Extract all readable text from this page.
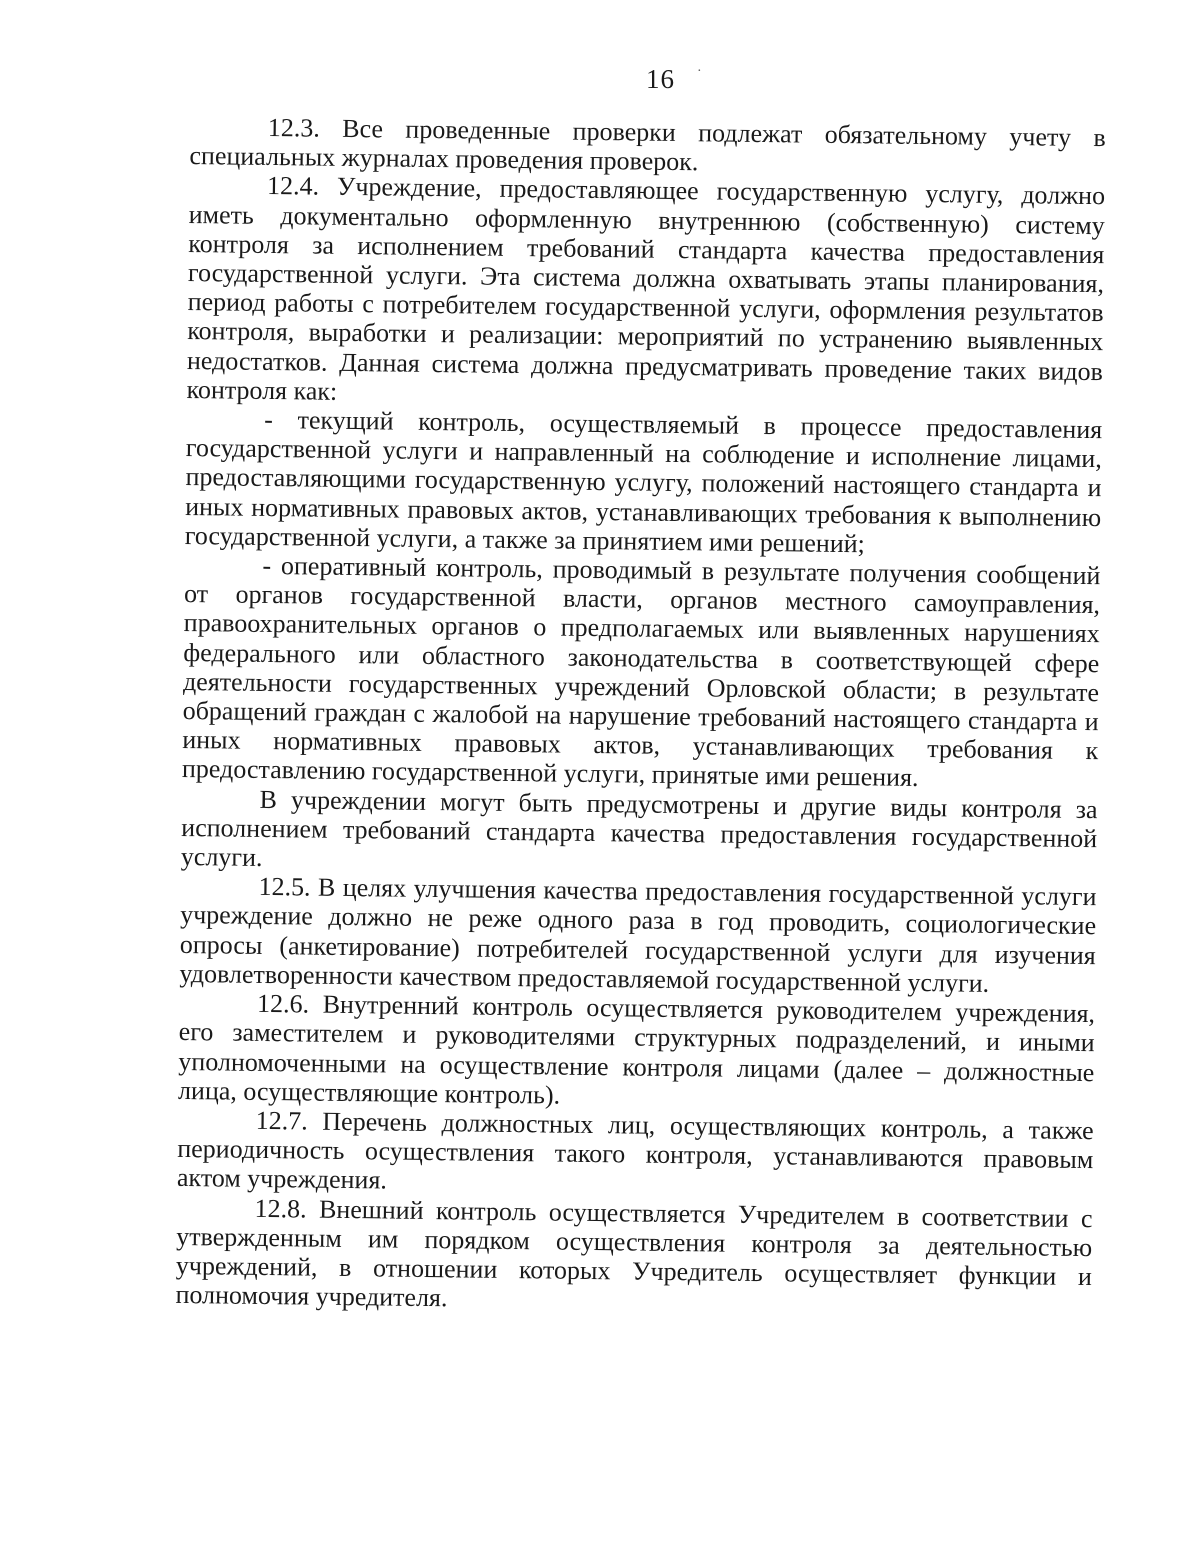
16 ·

12.3. Все проведенные проверки подлежат обязательному учету в специальных журналах проведения проверок.

12.4. Учреждение, предоставляющее государственную услугу, должно иметь документально оформленную внутреннюю (собственную) систему контроля за исполнением требований стандарта качества предоставления государственной услуги. Эта система должна охватывать этапы планирования, период работы с потребителем государственной услуги, оформления результатов контроля, выработки и реализации: мероприятий по устранению выявленных недостатков. Данная система должна предусматривать проведение таких видов контроля как:

- текущий контроль, осуществляемый в процессе предоставления государственной услуги и направленный на соблюдение и исполнение лицами, предоставляющими государственную услугу, положений настоящего стандарта и иных нормативных правовых актов, устанавливающих требования к выполнению государственной услуги, а также за принятием ими решений;

- оперативный контроль, проводимый в результате получения сообщений от органов государственной власти, органов местного самоуправления, правоохранительных органов о предполагаемых или выявленных нарушениях федерального или областного законодательства в соответствующей сфере деятельности государственных учреждений Орловской области; в результате обращений граждан с жалобой на нарушение требований настоящего стандарта и иных нормативных правовых актов, устанавливающих требования к предоставлению государственной услуги, принятые ими решения.

В учреждении могут быть предусмотрены и другие виды контроля за исполнением требований стандарта качества предоставления государственной услуги.

12.5. В целях улучшения качества предоставления государственной услуги учреждение должно не реже одного раза в год проводить, социологические опросы (анкетирование) потребителей государственной услуги для изучения удовлетворенности качеством предоставляемой государственной услуги.

12.6. Внутренний контроль осуществляется руководителем учреждения, его заместителем и руководителями структурных подразделений, и иными уполномоченными на осуществление контроля лицами (далее – должностные лица, осуществляющие контроль).

12.7. Перечень должностных лиц, осуществляющих контроль, а также периодичность осуществления такого контроля, устанавливаются правовым актом учреждения.

12.8. Внешний контроль осуществляется Учредителем в соответствии с утвержденным им порядком осуществления контроля за деятельностью учреждений, в отношении которых Учредитель осуществляет функции и полномочия учредителя.
